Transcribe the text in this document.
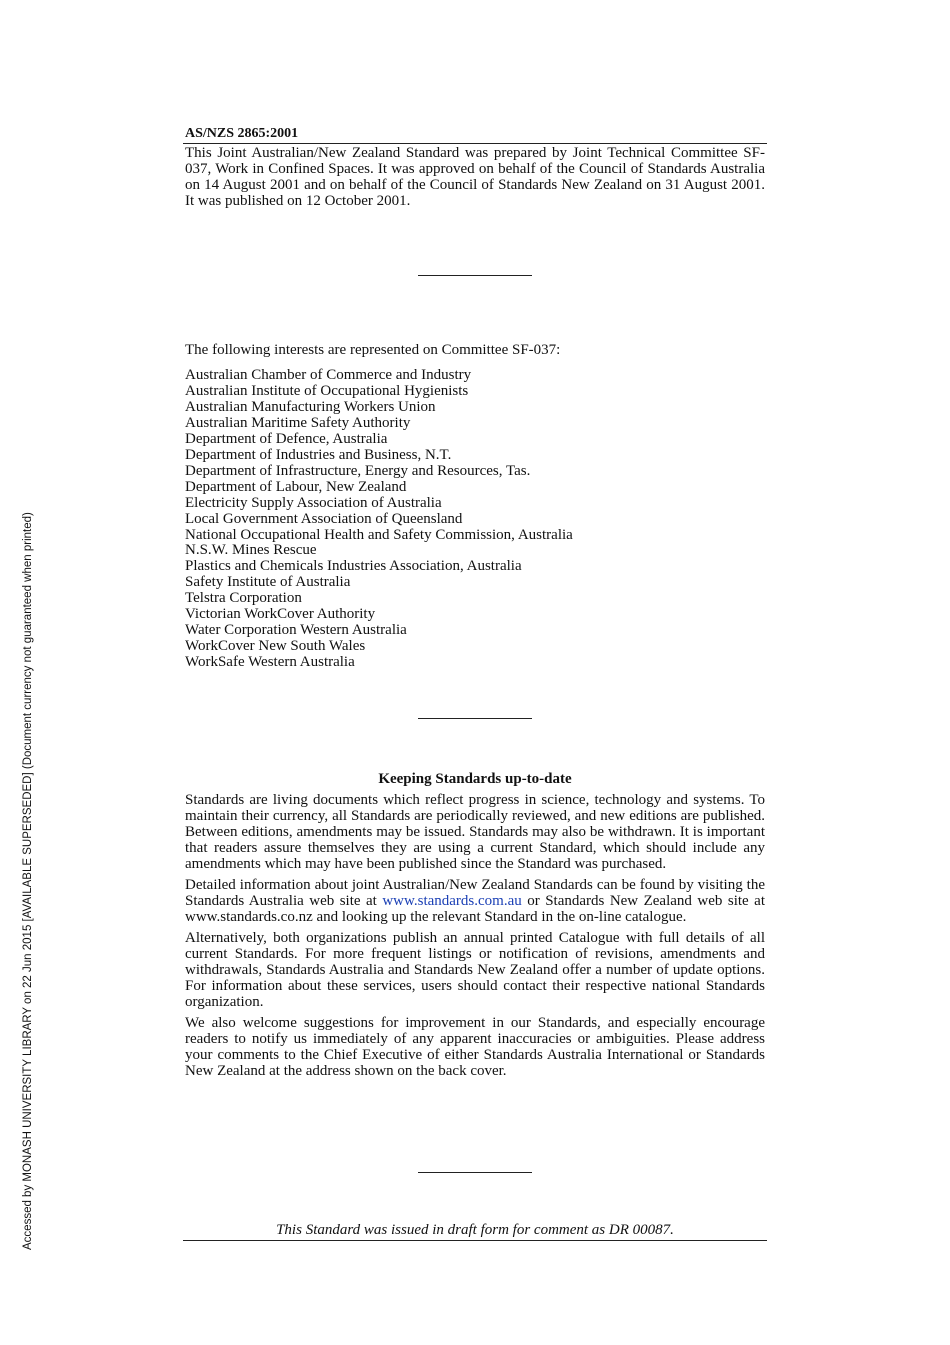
Accessed by MONASH UNIVERSITY LIBRARY on 22 Jun 2015 [AVAILABLE SUPERSEDED] (Document currency not guaranteed when printed)
AS/NZS 2865:2001

This Joint Australian/New Zealand Standard was prepared by Joint Technical Committee SF-037, Work in Confined Spaces. It was approved on behalf of the Council of Standards Australia on 14 August 2001 and on behalf of the Council of Standards New Zealand on 31 August 2001. It was published on 12 October 2001.

The following interests are represented on Committee SF-037:
Australian Chamber of Commerce and Industry
Australian Institute of Occupational Hygienists
Australian Manufacturing Workers Union
Australian Maritime Safety Authority
Department of Defence, Australia
Department of Industries and Business, N.T.
Department of Infrastructure, Energy and Resources, Tas.
Department of Labour, New Zealand
Electricity Supply Association of Australia
Local Government Association of Queensland
National Occupational Health and Safety Commission, Australia
N.S.W. Mines Rescue
Plastics and Chemicals Industries Association, Australia
Safety Institute of Australia
Telstra Corporation
Victorian WorkCover Authority
Water Corporation Western Australia
WorkCover New South Wales
WorkSafe Western Australia
Keeping Standards up-to-date

Standards are living documents which reflect progress in science, technology and systems. To maintain their currency, all Standards are periodically reviewed, and new editions are published. Between editions, amendments may be issued. Standards may also be withdrawn. It is important that readers assure themselves they are using a current Standard, which should include any amendments which may have been published since the Standard was purchased.

Detailed information about joint Australian/New Zealand Standards can be found by visiting the Standards Australia web site at www.standards.com.au or Standards New Zealand web site at www.standards.co.nz and looking up the relevant Standard in the on-line catalogue.

Alternatively, both organizations publish an annual printed Catalogue with full details of all current Standards. For more frequent listings or notification of revisions, amendments and withdrawals, Standards Australia and Standards New Zealand offer a number of update options. For information about these services, users should contact their respective national Standards organization.

We also welcome suggestions for improvement in our Standards, and especially encourage readers to notify us immediately of any apparent inaccuracies or ambiguities. Please address your comments to the Chief Executive of either Standards Australia International or Standards New Zealand at the address shown on the back cover.

This Standard was issued in draft form for comment as DR 00087.
